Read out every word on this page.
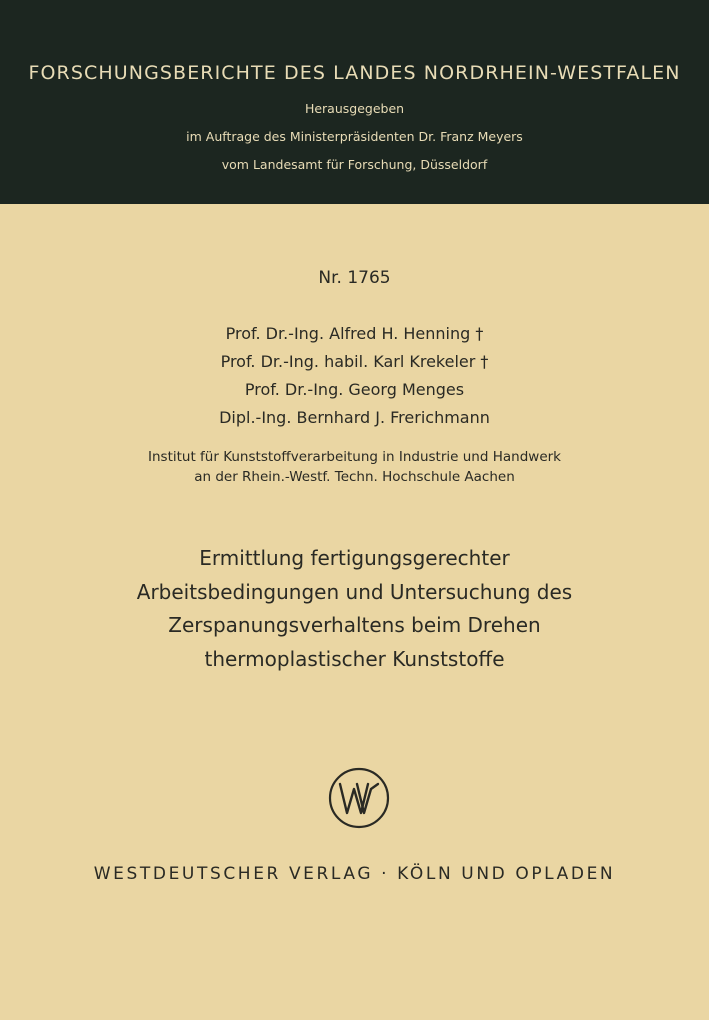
FORSCHUNGSBERICHTE DES LANDES NORDRHEIN-WESTFALEN
Herausgegeben
im Auftrage des Ministerpräsidenten Dr. Franz Meyers
vom Landesamt für Forschung, Düsseldorf
Nr. 1765
Prof. Dr.-Ing. Alfred H. Henning †
Prof. Dr.-Ing. habil. Karl Krekeler †
Prof. Dr.-Ing. Georg Menges
Dipl.-Ing. Bernhard J. Frerichmann
Institut für Kunststoffverarbeitung in Industrie und Handwerk
an der Rhein.-Westf. Techn. Hochschule Aachen
Ermittlung fertigungsgerechter
Arbeitsbedingungen und Untersuchung des
Zerspanungsverhaltens beim Drehen
thermoplastischer Kunststoffe
WESTDEUTSCHER VERLAG · KÖLN UND OPLADEN
